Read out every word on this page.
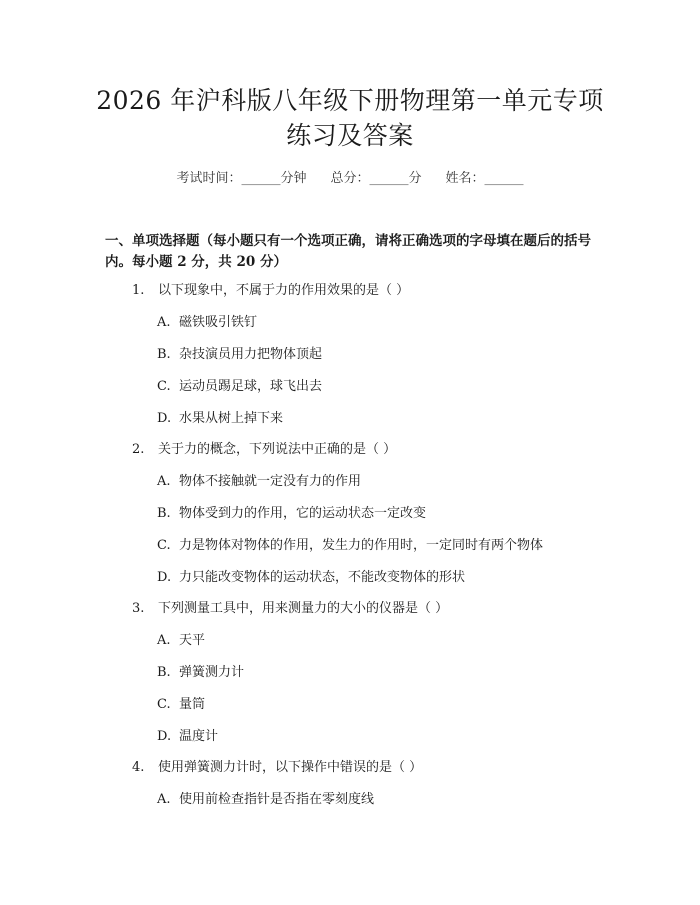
2026 年沪科版八年级下册物理第一单元专项
练习及答案
考试时间：______分钟 总分：______分 姓名：______
一、单项选择题（每小题只有一个选项正确，请将正确选项的字母填在题后的括号内。每小题 2 分，共 20 分）
1. 以下现象中，不属于力的作用效果的是（ ）
A. 磁铁吸引铁钉
B. 杂技演员用力把物体顶起
C. 运动员踢足球，球飞出去
D. 水果从树上掉下来
2. 关于力的概念，下列说法中正确的是（ ）
A. 物体不接触就一定没有力的作用
B. 物体受到力的作用，它的运动状态一定改变
C. 力是物体对物体的作用，发生力的作用时，一定同时有两个物体
D. 力只能改变物体的运动状态，不能改变物体的形状
3. 下列测量工具中，用来测量力的大小的仪器是（ ）
A. 天平
B. 弹簧测力计
C. 量筒
D. 温度计
4. 使用弹簧测力计时，以下操作中错误的是（ ）
A. 使用前检查指针是否指在零刻度线
